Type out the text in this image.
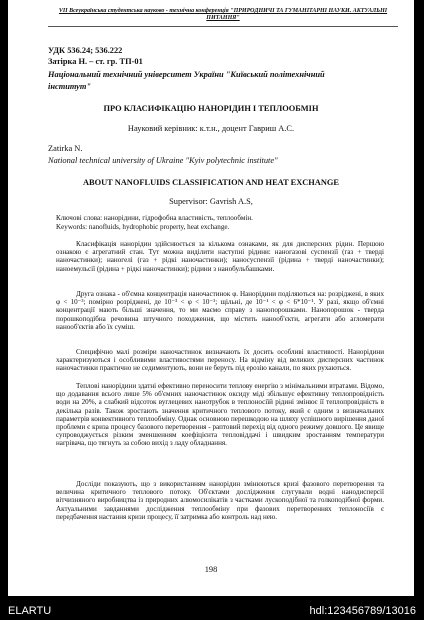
VII Всеукраїнська студентська науково - технічна конференція "ПРИРОДНИЧІ ТА ГУМАНІТАРНІ НАУКИ. АКТУАЛЬНІ ПИТАННЯ"
УДК 536.24; 536.222
Затірка Н. – ст. гр. ТП-01
Національний технічний університет України "Київський політехнічний
інститут"
ПРО КЛАСИФІКАЦІЮ НАНОРІДИН І ТЕПЛООБМІН
Науковий керівник: к.т.н., доцент Гавриш А.С.
Zatirka N.
National technical university of Ukraine "Kyiv polytechnic institute"
ABOUT NANOFLUIDS CLASSIFICATION AND HEAT EXCHANGE
Supervisor: Gavrish A.S,
Ключові слова: нанорідини, гідрофобна властивість, теплообмін.
Keywords: nanofluids, hydrophobic property, heat exchange.
Класифікація нанорідин здійснюється за кількома ознаками, як для дисперсних рідин. Першою ознакою є агрегатний стан. Тут можна виділити наступні рідини: наногазові суспензії (газ + тверді наночастинки); наногелі (газ + рідкі наночастинки); наносуспензії (рідина + тверді наночастинки); наноемульсії (рідина + рідкі наночастинки); рідини з нанобульбашками.
Друга ознака - об'ємна концентрація наночастинок φ. Нанорідини поділяються на: розріджені, в яких φ < 10⁻³; помірно розріджені, де 10⁻³ < φ < 10⁻¹; щільні, де 10⁻¹ < φ < 6*10⁻¹. У разі, якщо об'ємні концентрації мають більші значення, то ми маємо справу з нанопорошками. Нанопорошок - тверда порошкоподібна речовина штучного походження, що містить нанооб'єкти, агрегати або агломерати нанооб'єктів або їх суміш.
Специфічно малі розміри наночастинок визначають їх досить особливі властивості. Нанорідини характеризуються і особливими властивостями переносу. На відміну від великих дисперсних частинок наночастинки практично не седиментують, вони не беруть під ерозію канали, по яких рухаються.
Теплові нанорідини здатні ефективно переносити теплову енергію з мінімальними втратами. Відомо, що додавання всього лише 5% об'ємних наночастинок оксиду міді збільшує ефективну теплопровідність води на 20%, а слабкий відсоток вуглецевих нанотрубок в теплоносіїй рідині змінює її теплопровідність в декілька разів. Також зростають значення критичного теплового потоку, який є одним з визначальних параметрів конвективного теплообміну. Однак основною перешкодою на шляху успішного вирішення даної проблеми є криза процесу базового перетворення - раптовий перехід від одного режиму довшого. Це явище супроводжується різким зменшенням коефіцієнта тепловіддачі і швидким зростанням температури нагрівача, що тягнуть за собою вихід з ладу обладнання.
Досліди показують, що з використанням нанорідин змінюються кризі фазового перетворення та величина критичного теплового потоку. Об'єктами дослідження слугували водні нанодисперсії вітчизняного виробництва із природних алюмосилікатів з частками лускоподібної та голкоподібної форми. Актуальними завданнями дослідження теплообміну при фазових перетвореннях теплоносіїв є передбачення настання кризи процесу, її затримка або контроль над нею.
198
ELARTU	hdl:123456789/13016
